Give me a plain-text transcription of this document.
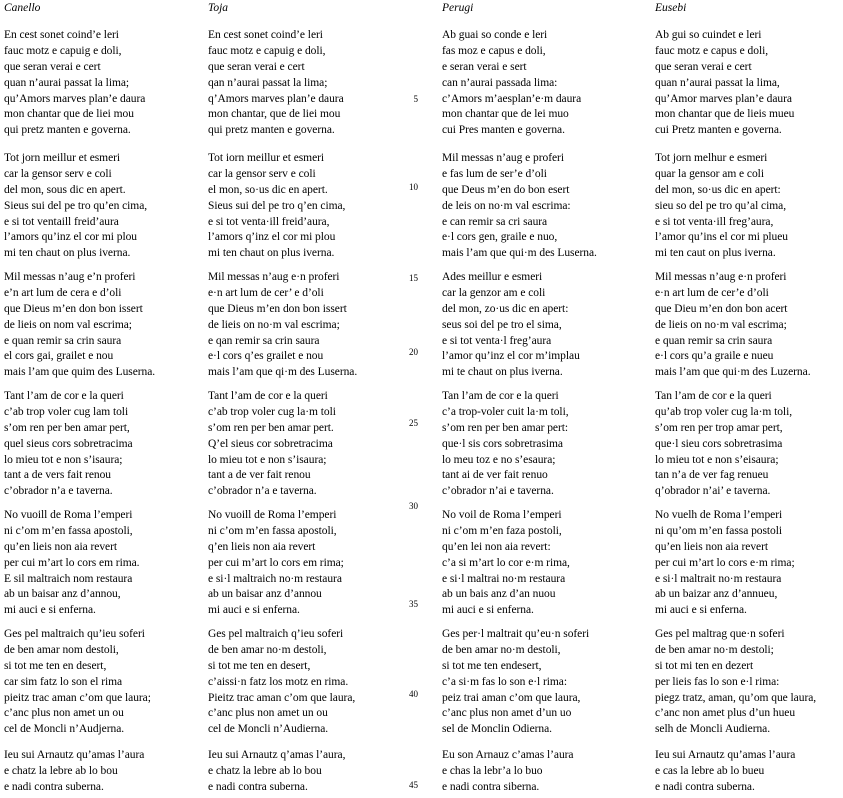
5
10
15
20
25
30
35
40
45
Canello
En cest sonet coind’e leri
fauc motz e capuig e doli,
que seran verai e cert
quan n’aurai passat la lima;
qu’Amors marves plan’e daura
mon chantar que de liei mou
qui pretz manten e governa.
Tot jorn meillur et esmeri
car la gensor serv e coli
del mon, sous dic en apert.
Sieus sui del pe tro qu’en cima,
e si tot ventaill freid’aura
l’amors qu’inz el cor mi plou
mi ten chaut on plus iverna.
Mil messas n’aug e’n proferi
e’n art lum de cera e d’oli
que Dieus m’en don bon issert
de lieis on nom val escrima;
e quan remir sa crin saura
el cors gai, grailet e nou
mais l’am que quim des Luserna.
Tant l’am de cor e la queri
c’ab trop voler cug lam toli
s’om ren per ben amar pert,
quel sieus cors sobretracima
lo mieu tot e non s’isaura;
tant a de vers fait renou
c’obrador n’a e taverna.
No vuoill de Roma l’emperi
ni c’om m’en fassa apostoli,
qu’en lieis non aia revert
per cui m’art lo cors em rima.
E sil maltraich nom restaura
ab un baisar anz d’annou,
mi auci e si enferna.
Ges pel maltraich qu’ieu soferi
de ben amar nom destoli,
si tot me ten en desert,
car sim fatz lo son el rima
pieitz trac aman c’om que laura;
c’anc plus non amet un ou
cel de Moncli n’Audjerna.
Ieu sui Arnautz qu’amas l’aura
e chatz la lebre ab lo bou
e nadi contra suberna.
Toja
En cest sonet coind’e leri
fauc motz e capuig e doli,
que seran verai e cert
qan n’aurai passat la lima;
q’Amors marves plan’e daura
mon chantar, que de liei mou
qui pretz manten e governa.
Tot iorn meillur et esmeri
car la gensor serv e coli
el mon, so·us dic en apert.
Sieus sui del pe tro q’en cima,
e si tot venta·ill freid’aura,
l’amors q’inz el cor mi plou
mi ten chaut on plus iverna.
Mil messas n’aug e·n proferi
e·n art lum de cer’ e d’oli
que Dieus m’en don bon issert
de lieis on no·m val escrima;
e qan remir sa crin saura
e·l cors q’es grailet e nou
mais l’am que qi·m des Luserna.
Tant l’am de cor e la queri
c’ab trop voler cug la·m toli
s’om ren per ben amar pert.
Q’el sieus cor sobretracima
lo mieu tot e non s’isaura;
tant a de ver fait renou
c’obrador n’a e taverna.
No vuoill de Roma l’emperi
ni c’om m’en fassa apostoli,
q’en lieis non aia revert
per cui m’art lo cors em rima;
e si·l maltraich no·m restaura
ab un baisar anz d’annou
mi auci e si enferna.
Ges pel maltraich q’ieu soferi
de ben amar no·m destoli,
si tot me ten en desert,
c’aissi·n fatz los motz en rima.
Pieitz trac aman c’om que laura,
c’anc plus non amet un ou
cel de Moncli n’Audierna.
Ieu sui Arnautz q’amas l’aura,
e chatz la lebre ab lo bou
e nadi contra suberna.
Perugi
Ab guai so conde e leri
fas moz e capus e doli,
e seran verai e sert
can n’aurai passada lima:
c’Amors m’aesplan’e·m daura
mon chantar que de lei muo
cui Pres manten e governa.
Mil messas n’aug e proferi
e fas lum de ser’e d’oli
que Deus m’en do bon esert
de leis on no·m val escrima:
e can remir sa cri saura
e·l cors gen, graile e nuo,
mais l’am que qui·m des Luserna.
Ades meillur e esmeri
car la genzor am e coli
del mon, zo·us dic en apert:
seus soi del pe tro el sima,
e si tot venta·l freg’aura
l’amor qu’inz el cor m’implau
mi te chaut on plus iverna.
Tan l’am de cor e la queri
c’a trop-voler cuit la·m toli,
s’om ren per ben amar pert:
que·l sis cors sobretrasima
lo meu toz e no s’esaura;
tant ai de ver fait renuo
c’obrador n’ai e taverna.
No voil de Roma l’emperi
ni c’om m’en faza postoli,
qu’en lei non aia revert:
c’a si m’art lo cor e·m rima,
e si·l maltrai no·m restaura
ab un bais anz d’an nuou
mi auci e si enferna.
Ges per·l maltrait qu’eu·n soferi
de ben amar no·m destoli,
si tot me ten endesert,
c’a si·m fas lo son e·l rima:
peiz trai aman c’om que laura,
c’anc plus non amet d’un uo
sel de Monclin Odierna.
Eu son Arnauz c’amas l’aura
e chas la lebr’a lo buo
e nadi contra siberna.
Eusebi
Ab gui so cuindet e leri
fauc motz e capus e doli,
que seran verai e cert
quan n’aurai passat la lima,
qu’Amor marves plan’e daura
mon chantar que de lieis mueu
cui Pretz manten e governa.
Tot jorn melhur e esmeri
quar la gensor am e coli
del mon, so·us dic en apert:
sieu so del pe tro qu’al cima,
e si tot venta·ill freg’aura,
l’amor qu’ins el cor mi plueu
mi ten caut on plus iverna.
Mil messas n’aug e·n proferi
e·n art lum de cer’e d’oli
que Dieu m’en don bon acert
de lieis on no·m val escrima;
e quan remir sa crin saura
e·l cors qu’a graile e nueu
mais l’am que qui·m des Luzerna.
Tan l’am de cor e la queri
qu’ab trop voler cug la·m toli,
s’om ren per trop amar pert,
que·l sieu cors sobretrasima
lo mieu tot e non s’eisaura;
tan n’a de ver fag renueu
q’obrador n’ai’ e taverna.
No vuelh de Roma l’emperi
ni qu’om m’en fassa postoli
qu’en lieis non aia revert
per cui m’art lo cors e·m rima;
e si·l maltrait no·m restaura
ab un baizar anz d’annueu,
mi auci e si enferna.
Ges pel maltrag que·n soferi
de ben amar no·m destoli;
si tot mi ten en dezert
per lieis fas lo son e·l rima:
piegz tratz, aman, qu’om que laura,
c’anc non amet plus d’un hueu
selh de Moncli Audierna.
Ieu sui Arnautz qu’amas l’aura
e cas la lebre ab lo bueu
e nadi contra suberna.
